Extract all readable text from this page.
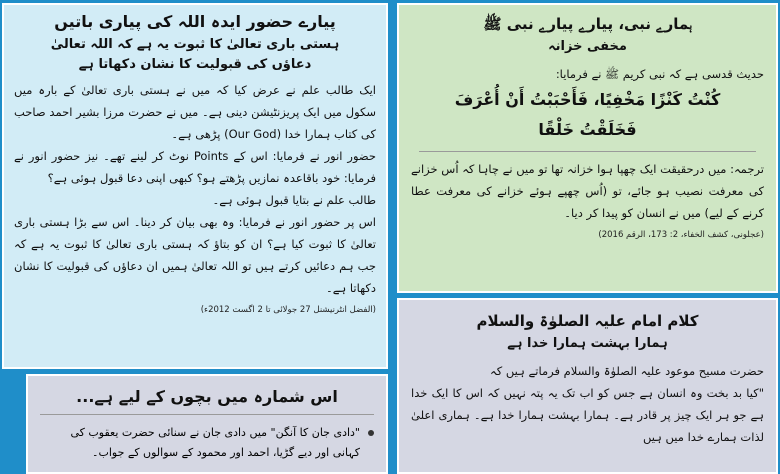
پیارے حضور ایدہ اللہ کی پیاری باتیں

ہستی باری تعالیٰ کا ثبوت یہ ہے کہ اللہ تعالیٰ

دعاؤں کی قبولیت کا نشان دکھاتا ہے

ایک طالب علم نے عرض کیا کہ میں نے ہستی باری تعالیٰ کے بارہ میں سکول میں ایک پریزنٹیشن دینی ہے۔ میں نے حضرت مرزا بشیر احمد صاحب کی کتاب ہمارا خدا (Our God) پڑھی ہے۔

حضور انور نے فرمایا: اس کے Points نوٹ کر لینے تھے۔ نیز حضور انور نے فرمایا: خود باقاعدہ نمازیں پڑھتے ہو؟ کبھی اپنی دعا قبول ہوئی ہے؟

طالب علم نے بتایا قبول ہوئی ہے۔

اس پر حضور انور نے فرمایا: وہ بھی بیان کر دینا۔ اس سے بڑا ہستی باری تعالیٰ کا ثبوت کیا ہے؟ ان کو بتاؤ کہ ہستی باری تعالیٰ کا ثبوت یہ ہے کہ جب ہم دعائیں کرتے ہیں تو اللہ تعالیٰ ہمیں ان دعاؤں کی قبولیت کا نشان دکھاتا ہے۔

(الفضل انٹرنیشنل 27 جولائی تا 2 اگست 2012ء)
ہمارے نبی، پیارے پیارے نبی ﷺ

مخفی خزانہ

حدیث قدسی ہے کہ نبی کریم ﷺ نے فرمایا:

كُنْتُ كَنْزًا مَخْفِيًا، فَأَحْبَبْتُ أَنْ أُعْرَفَ

فَخَلَقْتُ خَلْقًا

ترجمہ: میں درحقیقت ایک چھپا ہوا خزانہ تھا تو میں نے چاہا کہ اُس خزانے کی معرفت نصیب ہو جائے، تو (اُس چھپے ہوئے خزانے کی معرفت عطا کرنے کے لیے) میں نے انسان کو پیدا کر دیا۔

(عجلونی، کشف الخفاء، 2: 173، الرقم 2016)
اس شمارہ میں بچوں کے لیے ہے...

"دادی جان کا آنگن" میں دادی جان نے سنائی حضرت یعقوب کی کہانی اور دیے گڑیا، احمد اور محمود کے سوالوں کے جواب۔

کلام امام علیہ الصلوٰۃ والسلام

ہمارا بہشت ہمارا خدا ہے

حضرت مسیح موعود علیہ الصلوٰۃ والسلام فرماتے ہیں کہ

"کیا بد بخت وہ انسان ہے جس کو اب تک یہ پتہ نہیں کہ اس کا ایک خدا ہے جو ہر ایک چیز پر قادر ہے۔ ہمارا بہشت ہمارا خدا ہے۔ ہماری اعلیٰ لذات ہمارے خدا میں ہیں
